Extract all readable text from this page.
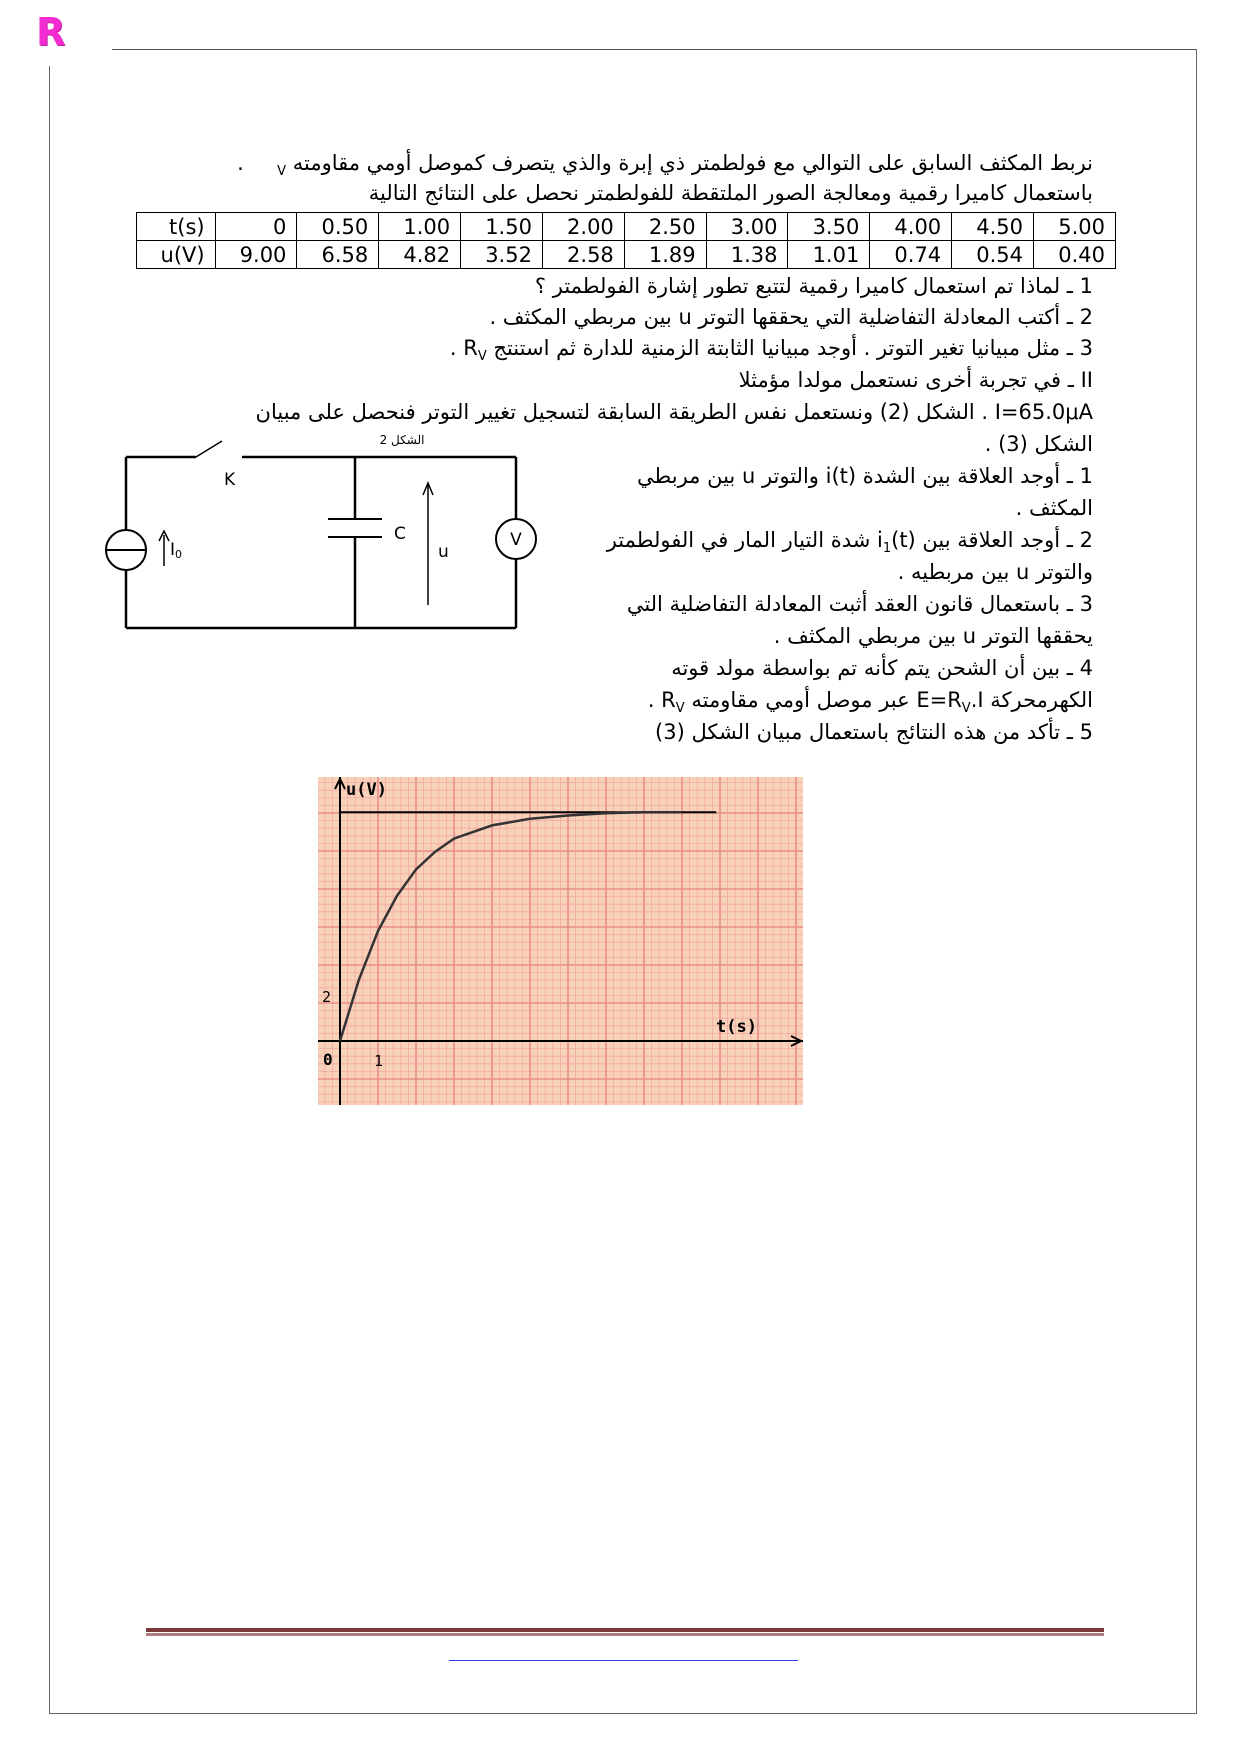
R
نربط المكثف السابق على التوالي مع فولطمتر ذي إبرة والذي يتصرف كموصل أومي مقاومته $_V$     .
باستعمال كاميرا رقمية ومعالجة الصور الملتقطة للفولطمتر نحصل على النتائج التالية
t(s)	0	0.50	1.00	1.50	2.00	2.50	3.00	3.50	4.00	4.50	5.00
u(V)	9.00	6.58	4.82	3.52	2.58	1.89	1.38	1.01	0.74	0.54	0.40
1 ـ لماذا تم استعمال كاميرا رقمية لتتبع تطور إشارة الفولطمتر ؟
2 ـ أكتب المعادلة التفاضلية التي يحققها التوتر u بين مربطي المكثف .
3 ـ مثل مبيانيا تغير التوتر . أوجد مبيانيا الثابتة الزمنية للدارة ثم استنتج $R_V$ .
II ـ في تجربة أخرى نستعمل مولدا مؤمثلا
I=65.0μA . الشكل (2) ونستعمل نفس الطريقة السابقة لتسجيل تغيير التوتر فنحصل على مبيان
الشكل (3) .
1 ـ أوجد العلاقة بين الشدة i(t) والتوتر u بين مربطي
المكثف .
2 ـ أوجد العلاقة بين $i_1(t)$ شدة التيار المار في الفولطمتر
والتوتر u بين مربطيه .
3 ـ باستعمال قانون العقد أثبت المعادلة التفاضلية التي
يحققها التوتر u بين مربطي المكثف .
4 ـ بين أن الشحن يتم كأنه تم بواسطة مولد قوته
الكهرمحركة $E=R_V.I$ عبر موصل أومي مقاومته $R_V$ .
5 ـ تأكد من هذه النتائج باستعمال مبيان الشكل (3)
الشكل 2
K
C
u
V
I0
u(V)
t(s)
0	1
2
